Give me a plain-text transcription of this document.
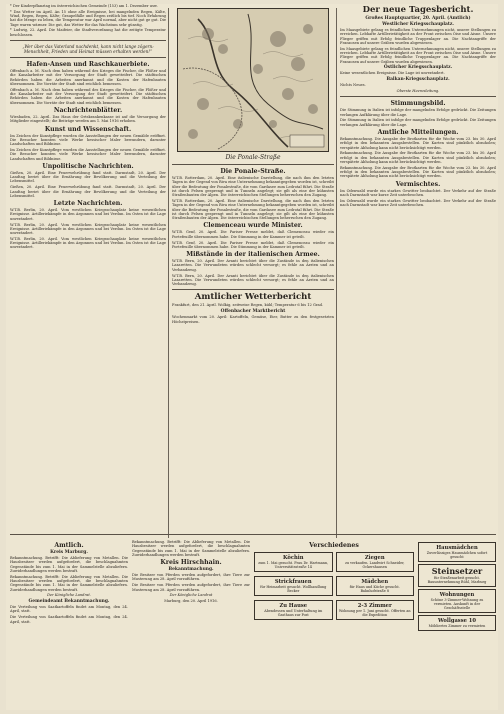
* Der Kinderpflanztag im österreichischen Gemeinde (153) am 1. Dezember usw.

* Das Wetter im April. An 15 ohne alle Ereignisse, bei mangelnden Regen, Kälte, Wind, Regen, Regen, Kälte; Graupelfälle und Regen zeitlich bis tief. Noch Erfahrung hat die Menge zu leben, die Temperatur war April normal, aber nicht gut ge gut. Die Tage waren wärmer. Die gut, das Wetter für das Wachstum sehr günstig.

* Ludwig, 22. April. Die Maifeier, die Stadtverordnung hat die zeitigte Temperatur beschlossen.

„Wer über das Vaterland nachdenkt, kann nicht lange zögern: Menschheit, Frieden und Heimat müssen erhalten werden!“

Hafen-Ansen und Raschkauerbiete.

Offenbach a. M. Nach dem haben während des Krieges die Fischer, die Flößer und die Kanalarbeiter mit der Versorgung der Stadt gewetteifert. Die städtischen Behörden haben die Arbeiten anerkannt und die Kosten der Hafenbauten übernommen. Die Vorräte der Stadt sind reichlich bemessen.

Offenbach a. M. Nach dem haben während des Krieges die Fischer, die Flößer und die Kanalarbeiter mit der Versorgung der Stadt gewetteifert. Die städtischen Behörden haben die Arbeiten anerkannt und die Kosten der Hafenbauten übernommen. Die Vorräte der Stadt sind reichlich bemessen.

Nachrichtenblätter.

Wiesbaden, 22. April. Das Haus der Ortskrankenkasse ist auf die Versorgung der Mitglieder eingestellt; die Beiträge werden am 1. Mai 1916 erhoben.

Kunst und Wissenschaft.

Im Zeichen der Kunstpflege wurden die Ausstellungen der neuen Gemälde eröffnet. Die Besucher konnten viele Werke hessischer Maler bewundern, darunter Landschaften und Bildnisse.

Im Zeichen der Kunstpflege wurden die Ausstellungen der neuen Gemälde eröffnet. Die Besucher konnten viele Werke hessischer Maler bewundern, darunter Landschaften und Bildnisse.

Unpolitische Nachrichten.

Gießen, 20. April. Eine Feuerwehrübung fand statt. Darmstadt, 20. April. Der Landtag beriet über die Ernährung der Bevölkerung und die Verteilung der Lebensmittel.

Gießen, 20. April. Eine Feuerwehrübung fand statt. Darmstadt, 20. April. Der Landtag beriet über die Ernährung der Bevölkerung und die Verteilung der Lebensmittel.

Letzte Nachrichten.

W.T.B. Berlin, 20. April. Vom westlichen Kriegsschauplatz keine wesentlichen Ereignisse. Artilleriekämpfe in den Argonnen und bei Verdun. Im Osten ist die Lage unverändert.

W.T.B. Berlin, 20. April. Vom westlichen Kriegsschauplatz keine wesentlichen Ereignisse. Artilleriekämpfe in den Argonnen und bei Verdun. Im Osten ist die Lage unverändert.

W.T.B. Berlin, 20. April. Vom westlichen Kriegsschauplatz keine wesentlichen Ereignisse. Artilleriekämpfe in den Argonnen und bei Verdun. Im Osten ist die Lage unverändert.

Die Ponale-Straße
Die Ponale-Straße.

W.T.B. Rotterdam, 20. April. Eine italienische Darstellung, die nach ihm den letzten Tagen in der Gegend von Riva eine Unternehmung bekanntgegeben worden ist, schreibt über die Bedeutung der Ponalestraße, die vom Gardasee zum Ledrotal führt. Die Straße ist durch Felsen gesprengt und in Tunneln angelegt; sie gilt als eine der kühnsten Straßenbauten der Alpen. Die österreichischen Stellungen beherrschen den Zugang.

W.T.B. Rotterdam, 20. April. Eine italienische Darstellung, die nach ihm den letzten Tagen in der Gegend von Riva eine Unternehmung bekanntgegeben worden ist, schreibt über die Bedeutung der Ponalestraße, die vom Gardasee zum Ledrotal führt. Die Straße ist durch Felsen gesprengt und in Tunneln angelegt; sie gilt als eine der kühnsten Straßenbauten der Alpen. Die österreichischen Stellungen beherrschen den Zugang.

Clemenceau wurde Minister.

W.T.B. Genf, 20. April. Die Pariser Presse meldet, daß Clemenceau wieder ein Portefeuille übernommen habe. Die Stimmung in der Kammer ist geteilt.

W.T.B. Genf, 20. April. Die Pariser Presse meldet, daß Clemenceau wieder ein Portefeuille übernommen habe. Die Stimmung in der Kammer ist geteilt.

Mißstände in der italienischen Armee.

W.T.B. Bern, 20. April. Der Avanti berichtet über die Zustände in den italienischen Lazaretten. Die Verwundeten würden schlecht versorgt; es fehle an Ärzten und an Verbandzeug.

W.T.B. Bern, 20. April. Der Avanti berichtet über die Zustände in den italienischen Lazaretten. Die Verwundeten würden schlecht versorgt; es fehle an Ärzten und an Verbandzeug.

Amtlicher Wetterbericht

Frankfurt, den 21. April. Wolkig, zeitweise Regen, kühl; Temperatur 6 bis 12 Grad.

Offenbacher Marktbericht

Wochenmarkt vom 20. April: Kartoffeln, Gemüse, Eier, Butter zu den festgesetzten Höchstpreisen.

Der neue Tagesbericht.
Großes Hauptquartier, 20. April. (Amtlich)
Westlicher Kriegsschauplatz.

Im Maasgebiete gelang es feindlichen Unternehmungen nicht, unsere Stellungen zu erreichen. Lebhafte Artillerietätigkeit an der Front zwischen Oise und Aisne. Unsere Flieger griffen mit Erfolg feindliche Truppenlager an. Die Nachtangriffe der Franzosen auf unsere Gräben wurden abgewiesen.

Im Maasgebiete gelang es feindlichen Unternehmungen nicht, unsere Stellungen zu erreichen. Lebhafte Artillerietätigkeit an der Front zwischen Oise und Aisne. Unsere Flieger griffen mit Erfolg feindliche Truppenlager an. Die Nachtangriffe der Franzosen auf unsere Gräben wurden abgewiesen.

Östlicher Kriegsschauplatz.

Keine wesentlichen Ereignisse. Die Lage ist unverändert.

Balkan-Kriegsschauplatz.

Nichts Neues.

Oberste Heeresleitung.

Stimmungsbild.

Die Stimmung in Italien ist infolge der mangelnden Erfolge gedrückt. Die Zeitungen verlangen Aufklärung über die Lage.

Die Stimmung in Italien ist infolge der mangelnden Erfolge gedrückt. Die Zeitungen verlangen Aufklärung über die Lage.

Amtliche Mitteilungen.

Bekanntmachung. Die Ausgabe der Brotkarten für die Woche vom 23. bis 30. April erfolgt in den bekannten Ausgabestellen. Die Karten sind pünktlich abzuholen; verspätete Abholung kann nicht berücksichtigt werden.

Bekanntmachung. Die Ausgabe der Brotkarten für die Woche vom 23. bis 30. April erfolgt in den bekannten Ausgabestellen. Die Karten sind pünktlich abzuholen; verspätete Abholung kann nicht berücksichtigt werden.

Bekanntmachung. Die Ausgabe der Brotkarten für die Woche vom 23. bis 30. April erfolgt in den bekannten Ausgabestellen. Die Karten sind pünktlich abzuholen; verspätete Abholung kann nicht berücksichtigt werden.

Vermischtes.

Im Odenwald wurde ein starkes Gewitter beobachtet. Der Verkehr auf der Straße nach Darmstadt war kurze Zeit unterbrochen.

Im Odenwald wurde ein starkes Gewitter beobachtet. Der Verkehr auf der Straße nach Darmstadt war kurze Zeit unterbrochen.

Amtlich.
Kreis Marburg.

Bekanntmachung. Betrifft: Die Ablieferung von Metallen. Die Hausbesitzer werden aufgefordert, die beschlagnahmten Gegenstände bis zum 1. Mai in der Sammelstelle abzuliefern. Zuwiderhandlungen werden bestraft.

Bekanntmachung. Betrifft: Die Ablieferung von Metallen. Die Hausbesitzer werden aufgefordert, die beschlagnahmten Gegenstände bis zum 1. Mai in der Sammelstelle abzuliefern. Zuwiderhandlungen werden bestraft.

Der Königliche Landrat.

Gemeindeamt Bekanntmachung.

Die Verteilung von Saatkartoffeln findet am Montag, den 24. April, statt.

Die Verteilung von Saatkartoffeln findet am Montag, den 24. April, statt.

Bekanntmachung. Betrifft: Die Ablieferung von Metallen. Die Hausbesitzer werden aufgefordert, die beschlagnahmten Gegenstände bis zum 1. Mai in der Sammelstelle abzuliefern. Zuwiderhandlungen werden bestraft.

Kreis Hirschhain.
Bekanntmachung.

Die Besitzer von Pferden werden aufgefordert, ihre Tiere zur Musterung am 28. April vorzuführen.

Die Besitzer von Pferden werden aufgefordert, ihre Tiere zur Musterung am 28. April vorzuführen.

Der Königliche Landrat

Marburg, den 20. April 1916.

Verschiedenes
Köchin
zum 1. Mai gesucht. Frau Dr. Hartmann, Universitätsstraße 14
Ziegen
zu verkaufen. Landwirt Schneider, Ockershausen
Strickfrauen
für Heimarbeit gesucht. Wollhandlung Becker
Mädchen
für Haus und Küche gesucht. Bahnhofstraße 8
Zu Hause
Abendessen und Unterhaltung im Gasthaus zur Post
2-3 Zimmer
Wohnung per 1. Juni gesucht. Offerten an die Expedition
Hausmädchen
Zuverlässiges Hausmädchen sofort gesucht
Steinsetzer
für Straßenarbeit gesucht. Bauunternehmung Rühl, Marburg
Wohnungen
Schöne 3-Zimmer-Wohnung zu vermieten. Auskunft in der Geschäftsstelle
Wollgasse 10
Möbliertes Zimmer zu vermieten
